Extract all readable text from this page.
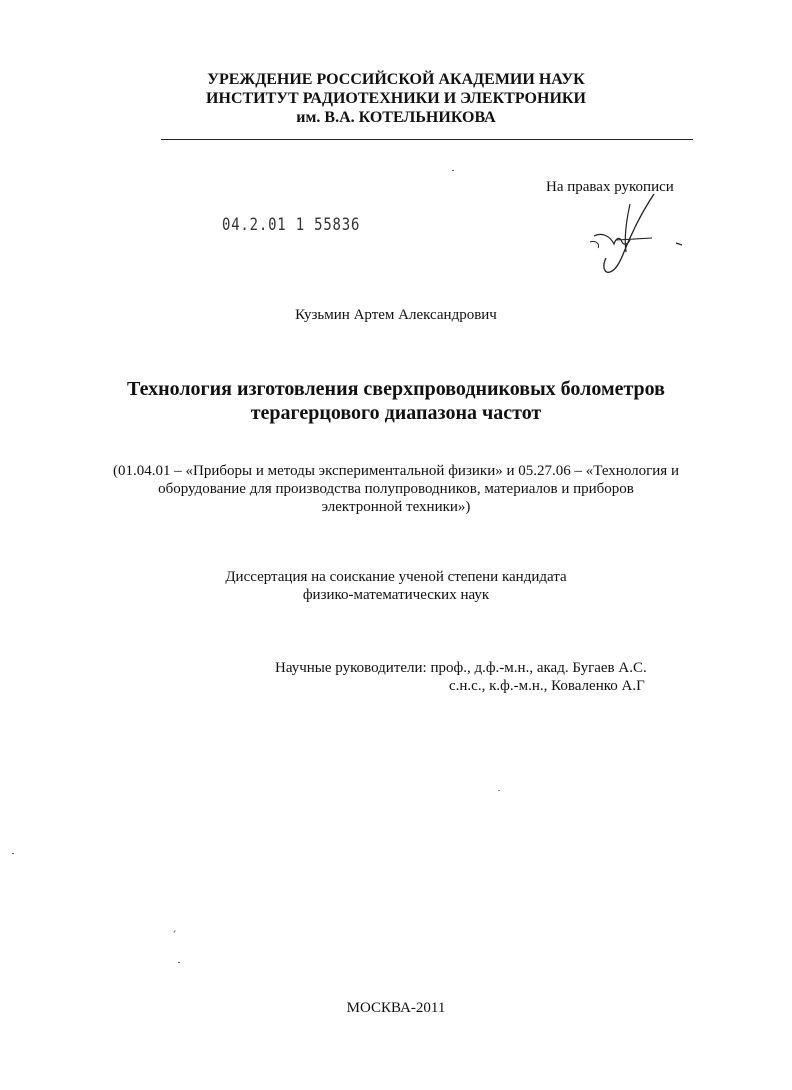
УРЕЖДЕНИЕ РОССИЙСКОЙ АКАДЕМИИ НАУК
ИНСТИТУТ РАДИОТЕХНИКИ И ЭЛЕКТРОНИКИ
им. В.А. КОТЕЛЬНИКОВА
На правах рукописи
04.2.01 1 55836
Кузьмин Артем Александрович
Технология изготовления сверхпроводниковых болометров
терагерцового диапазона частот
(01.04.01 – «Приборы и методы экспериментальной физики» и 05.27.06 – «Технология и
оборудование для производства полупроводников, материалов и приборов
электронной техники»)
Диссертация на соискание ученой степени кандидата
физико-математических наук
Научные руководители: проф., д.ф.-м.н., акад. Бугаев А.С.
с.н.с., к.ф.-м.н., Коваленко А.Г
МОСКВА-2011
